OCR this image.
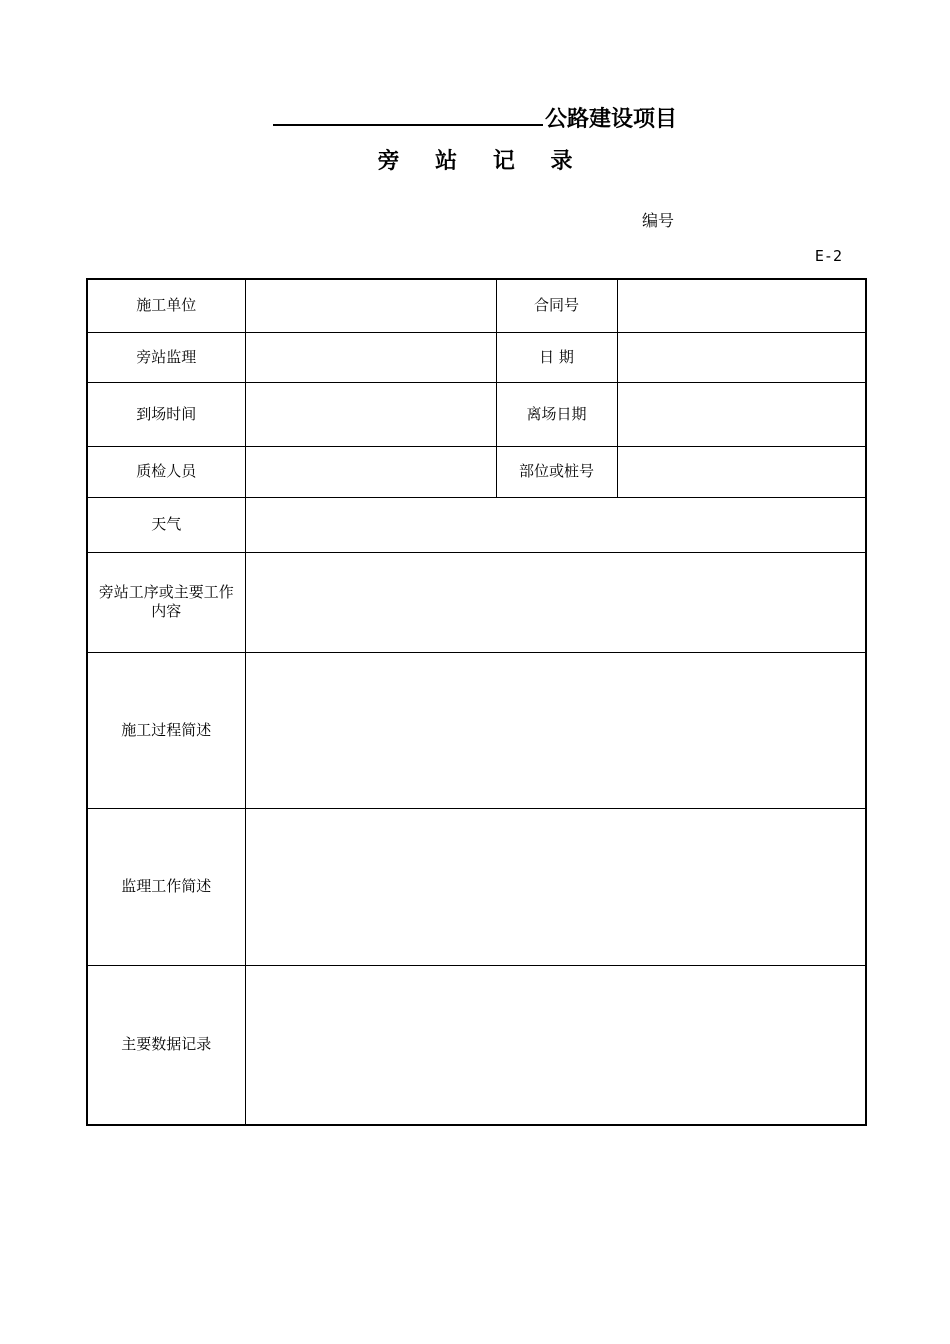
公路建设项目
旁 站 记 录
编号
E-2
施工单位		合同号	
旁站监理		日 期	
到场时间		离场日期	
质检人员		部位或桩号	
天气			
旁站工序或主要工作
内容			
施工过程简述			
监理工作简述			
主要数据记录			
